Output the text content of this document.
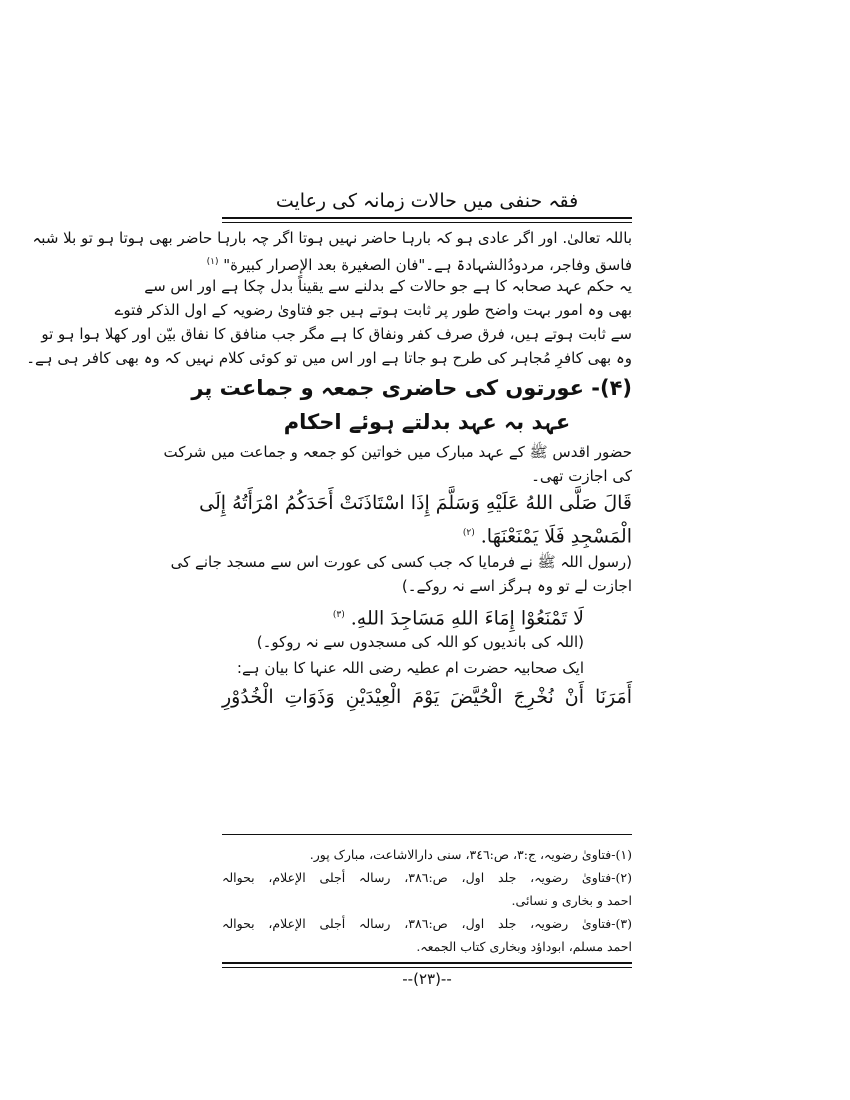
فقہ حنفی میں حالات زمانہ کی رعایت
باللہ تعالیٰ. اور اگر عادی ہو کہ بارہا حاضر نہیں ہوتا اگر چہ بارہا حاضر بھی ہوتا ہو تو بلا شبہ
فاسق وفاجر، مردودُالشہادۃ ہے۔"فان الصغيرة بعد الإصرار كبيرة" $^{(۱)}$
یہ حکم عہد صحابہ کا ہے جو حالات کے بدلنے سے یقیناً بدل چکا ہے اور اس سے
بھی وہ امور بہت واضح طور پر ثابت ہوتے ہیں جو فتاویٰ رضویہ کے اول الذکر فتوے
سے ثابت ہوتے ہیں، فرق صرف کفر ونفاق کا ہے مگر جب منافق کا نفاق بیّن اور کھلا ہوا ہو تو
وہ بھی کافرِ مُجاہر کی طرح ہو جاتا ہے اور اس میں تو کوئی کلام نہیں کہ وہ بھی کافر ہی ہے۔
(۴)- عورتوں کی حاضری جمعہ و جماعت پر
عہد بہ عہد بدلتے ہوئے احکام
حضور اقدس ﷺ کے عہد مبارک میں خواتین کو جمعہ و جماعت میں شرکت
کی اجازت تھی۔
قَالَ صَلَّى اللهُ عَلَيْهِ وَسَلَّمَ إِذَا اسْتَاذَنَتْ أَحَدَكُمُ امْرَأَتُهُ إِلَى
الْمَسْجِدِ فَلَا يَمْنَعْنَهَا. $^{(۲)}$
(رسول اللہ ﷺ نے فرمایا کہ جب کسی کی عورت اس سے مسجد جانے کی
اجازت لے تو وہ ہرگز اسے نہ روکے۔)
لَا تَمْنَعُوْا إِمَاءَ اللهِ مَسَاجِدَ اللهِ. $^{(۳)}$
(اللہ کی باندیوں کو اللہ کی مسجدوں سے نہ روکو۔)
ایک صحابیہ حضرت ام عطیہ رضی اللہ عنہا کا بیان ہے:
أَمَرَنَا أَنْ نُخْرِجَ الْحُيَّضَ يَوْمَ الْعِيْدَيْنِ وَذَوَاتِ الْخُدُوْرِ
(۱)-فتاویٰ رضویہ، ج:۳، ص:۳٤٦، سنی دارالاشاعت، مبارک پور.
(۲)-فتاویٰ رضویہ، جلد اول، ص:۳۸٦، رسالہ أجلی الإعلام، بحوالہ
احمد و بخاری و نسائی.
(۳)-فتاویٰ رضویہ، جلد اول، ص:۳۸٦، رسالہ أجلی الإعلام، بحوالہ
احمد مسلم، ابوداؤد وبخاری کتاب الجمعہ.
--(۲۳)--
